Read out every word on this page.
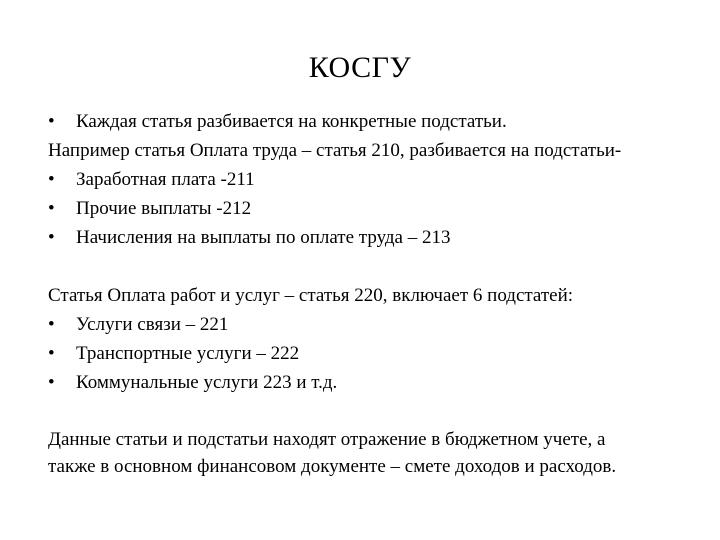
КОСГУ
• Каждая статья разбивается на конкретные подстатьи.
Например статья Оплата труда – статья 210, разбивается на подстатьи-
• Заработная плата -211
• Прочие выплаты -212
• Начисления на выплаты по оплате труда – 213
Статья Оплата работ и услуг – статья 220, включает 6 подстатей:
• Услуги связи – 221
• Транспортные услуги – 222
• Коммунальные услуги 223 и т.д.
Данные статьи и подстатьи находят отражение в бюджетном учете, а
также в основном финансовом документе – смете доходов и расходов.
